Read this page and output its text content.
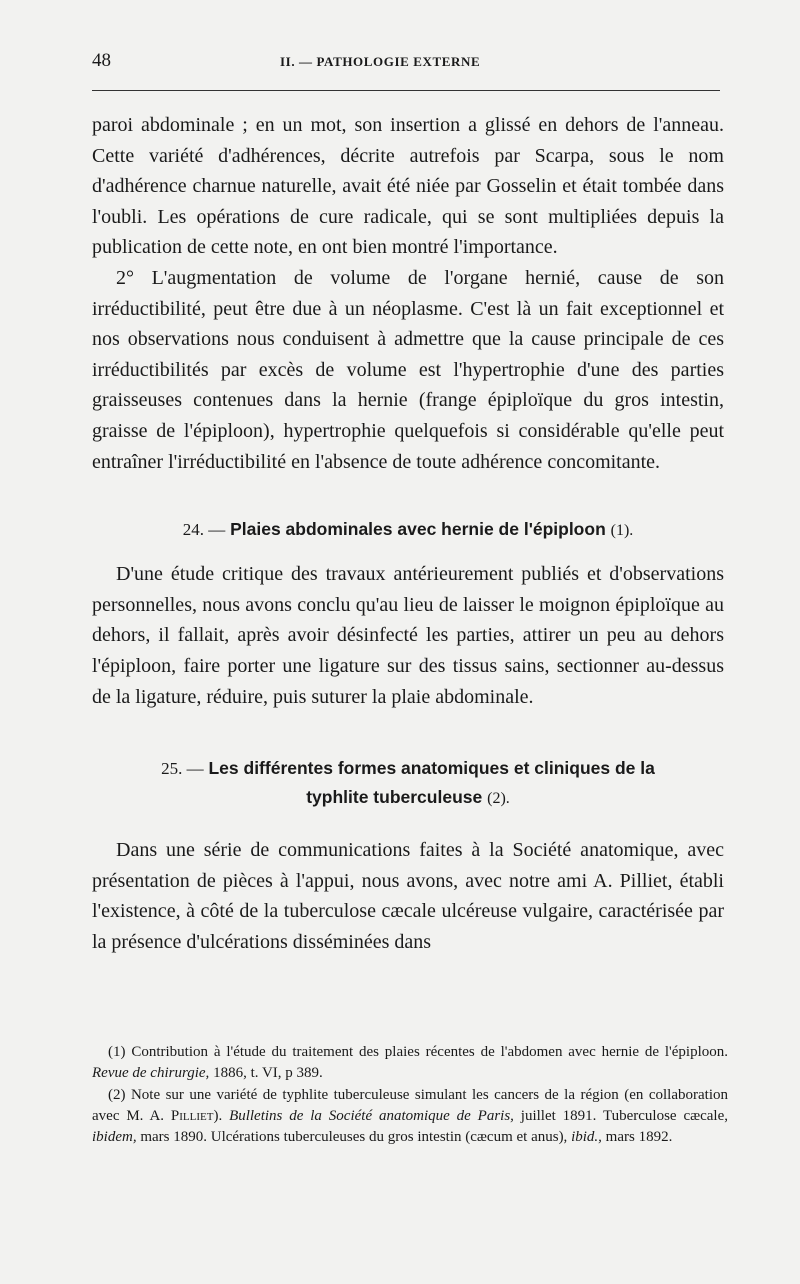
48	II. — PATHOLOGIE EXTERNE

paroi abdominale ; en un mot, son insertion a glissé en dehors de l'anneau. Cette variété d'adhérences, décrite autrefois par Scarpa, sous le nom d'adhérence charnue naturelle, avait été niée par Gosselin et était tombée dans l'oubli. Les opérations de cure radicale, qui se sont multipliées depuis la publication de cette note, en ont bien montré l'importance.

2° L'augmentation de volume de l'organe hernié, cause de son irréductibilité, peut être due à un néoplasme. C'est là un fait exceptionnel et nos observations nous conduisent à admettre que la cause principale de ces irréductibilités par excès de volume est l'hypertrophie d'une des parties graisseuses contenues dans la hernie (frange épiploïque du gros intestin, graisse de l'épiploon), hypertrophie quelquefois si considérable qu'elle peut entraîner l'irréductibilité en l'absence de toute adhérence concomitante.

24. — Plaies abdominales avec hernie de l'épiploon (1).

D'une étude critique des travaux antérieurement publiés et d'observations personnelles, nous avons conclu qu'au lieu de laisser le moignon épiploïque au dehors, il fallait, après avoir désinfecté les parties, attirer un peu au dehors l'épiploon, faire porter une ligature sur des tissus sains, sectionner au-dessus de la ligature, réduire, puis suturer la plaie abdominale.

25. — Les différentes formes anatomiques et cliniques de la
typhlite tuberculeuse (2).

Dans une série de communications faites à la Société anatomique, avec présentation de pièces à l'appui, nous avons, avec notre ami A. Pilliet, établi l'existence, à côté de la tuberculose cæcale ulcéreuse vulgaire, caractérisée par la présence d'ulcérations disséminées dans

(1) Contribution à l'étude du traitement des plaies récentes de l'abdomen avec hernie de l'épiploon. Revue de chirurgie, 1886, t. VI, p 389.

(2) Note sur une variété de typhlite tuberculeuse simulant les cancers de la région (en collaboration avec M. A. Pilliet). Bulletins de la Société anatomique de Paris, juillet 1891. Tuberculose cæcale, ibidem, mars 1890. Ulcérations tuberculeuses du gros intestin (cæcum et anus), ibid., mars 1892.
